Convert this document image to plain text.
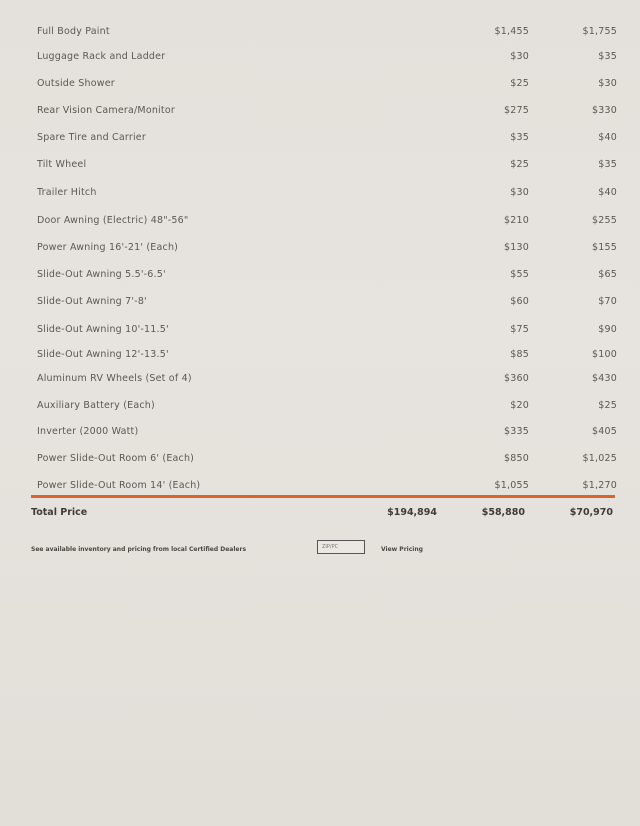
Full Body Paint	$1,455	$1,755
Luggage Rack and Ladder	$30	$35
Outside Shower	$25	$30
Rear Vision Camera/Monitor	$275	$330
Spare Tire and Carrier	$35	$40
Tilt Wheel	$25	$35
Trailer Hitch	$30	$40
Door Awning (Electric) 48"-56"	$210	$255
Power Awning 16'-21' (Each)	$130	$155
Slide-Out Awning 5.5'-6.5'	$55	$65
Slide-Out Awning 7'-8'	$60	$70
Slide-Out Awning 10'-11.5'	$75	$90
Slide-Out Awning 12'-13.5'	$85	$100
Aluminum RV Wheels (Set of 4)	$360	$430
Auxiliary Battery (Each)	$20	$25
Inverter (2000 Watt)	$335	$405
Power Slide-Out Room 6' (Each)	$850	$1,025
Power Slide-Out Room 14' (Each)	$1,055	$1,270
Total Price	$194,894	$58,880	$70,970
See available inventory and pricing from local Certified Dealers
ZIP/PC	View Pricing
